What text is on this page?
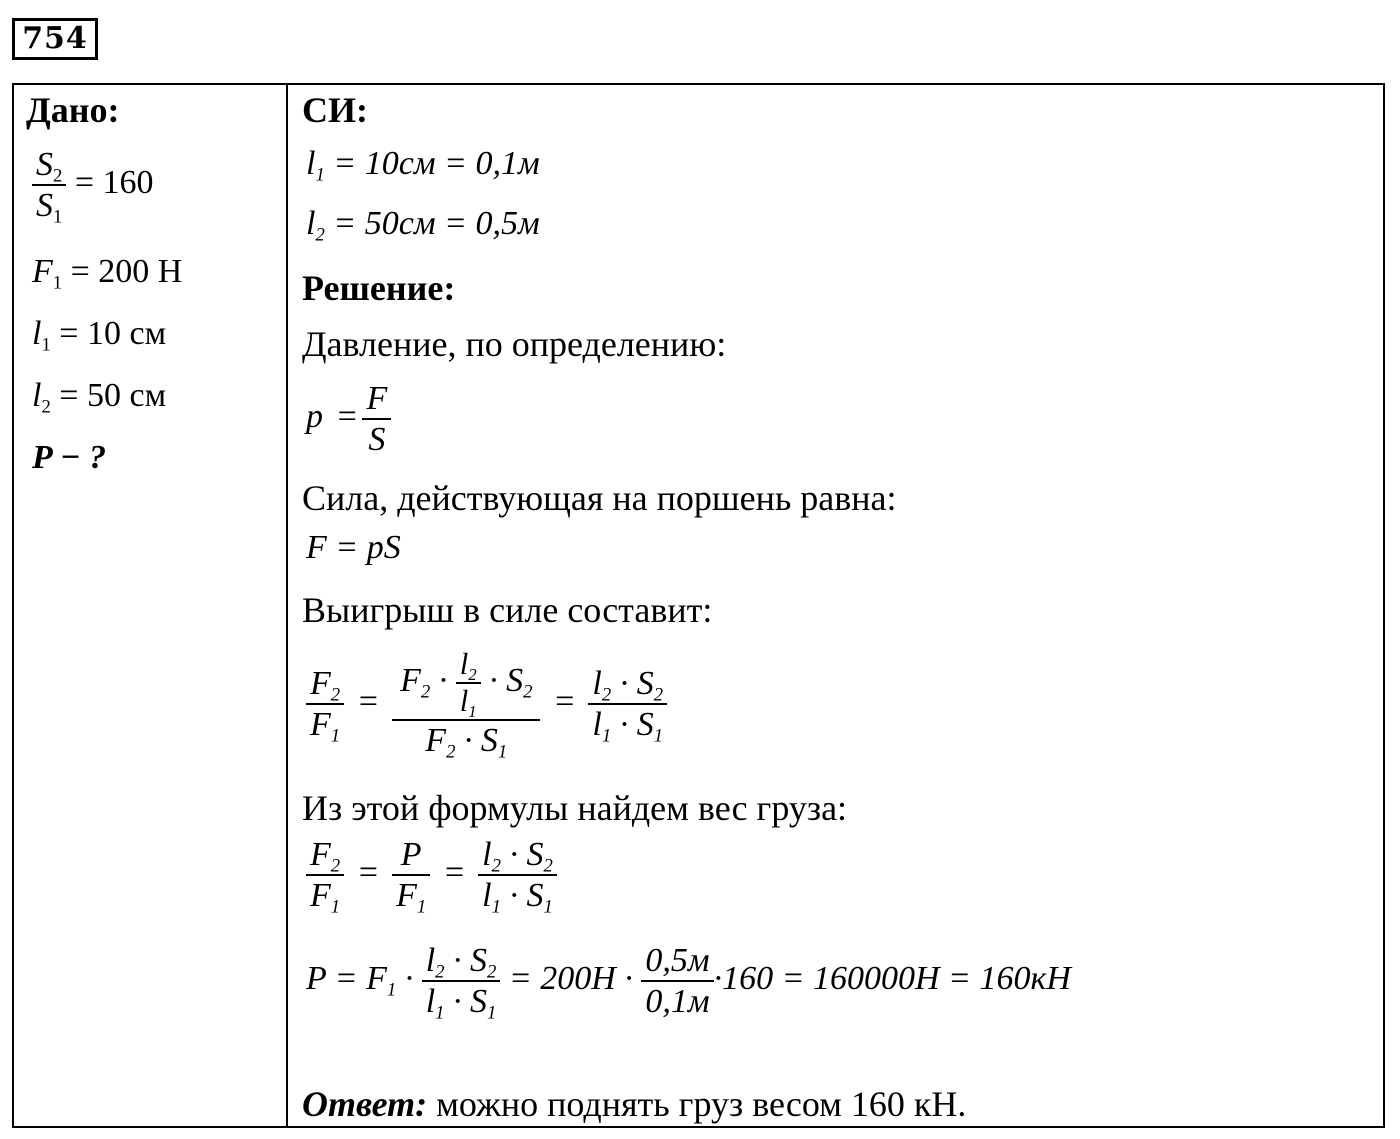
754
Дано:
$\frac{S_2}{S_1} = 160$
$F_1 = 200$ Н
$l_1 = 10$ см
$l_2 = 50$ см
P − ?
СИ:
$l_1 = 10см = 0,1м$
$l_2 = 50см = 0,5м$
Решение:
Давление, по определению:
$p = \frac{F}{S}$
Сила, действующая на поршень равна:
F = pS
Выигрыш в силе составит:
$\frac{F_2}{F_1} = \frac{F_2 \cdot \frac{l_2}{l_1} \cdot S_2}{F_2 \cdot S_1} = \frac{l_2 \cdot S_2}{l_1 \cdot S_1}$
Из этой формулы найдем вес груза:
$\frac{F_2}{F_1} = \frac{P}{F_1} = \frac{l_2 \cdot S_2}{l_1 \cdot S_1}$
$P = F_1 \cdot \frac{l_2 \cdot S_2}{l_1 \cdot S_1} = 200H \cdot \frac{0,5м}{0,1м} \cdot 160 = 160000H = 160кH$
Ответ: можно поднять груз весом 160 кН.
